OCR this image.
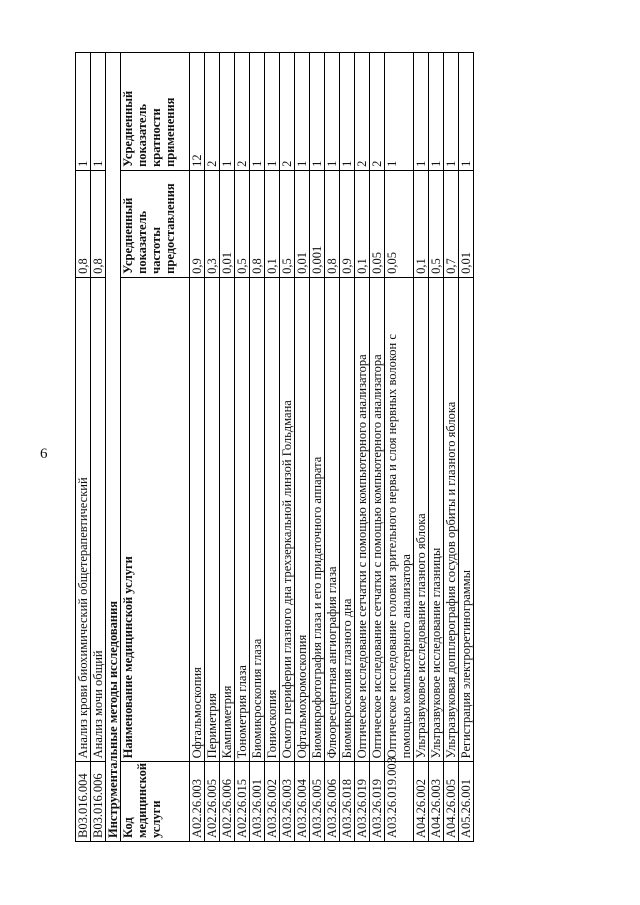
6
B03.016.004	Анализ крови биохимический общетерапевтический	0,8	1
B03.016.006	Анализ мочи общий	0,8	1
Инструментальные методы исследования			
Код медицинской услуги	Наименование медицинской услуги	Усредненный показатель частоты предоставления	Усредненный показатель кратности применения
A02.26.003	Офтальмоскопия	0,9	12
A02.26.005	Периметрия	0,3	2
A02.26.006	Кампиметрия	0,01	1
A02.26.015	Тонометрия глаза	0,5	2
A03.26.001	Биомикроскопия глаза	0,8	1
A03.26.002	Гониоскопия	0,1	1
A03.26.003	Осмотр периферии глазного дна трехзеркальной линзой Гольдмана	0,5	2
A03.26.004	Офтальмохромоскопия	0,01	1
A03.26.005	Биомикрофотография глаза и его придаточного аппарата	0,001	1
A03.26.006	Флюоресцентная ангиография глаза	0,8	1
A03.26.018	Биомикроскопия глазного дна	0,9	1
A03.26.019	Оптическое исследование сетчатки с помощью компьютерного анализатора	0,1	2
A03.26.019	Оптическое исследование сетчатки с помощью компьютерного анализатора	0,05	2
A03.26.019.003	Оптическое исследование головки зрительного нерва и слоя нервных волокон с помощью компьютерного анализатора	0,05	1
A04.26.002	Ультразвуковое исследование глазного яблока	0,1	1
A04.26.003	Ультразвуковое исследование глазницы	0,5	1
A04.26.005	Ультразвуковая допплерография сосудов орбиты и глазного яблока	0,7	1
A05.26.001	Регистрация электроретинограммы	0,01	1
